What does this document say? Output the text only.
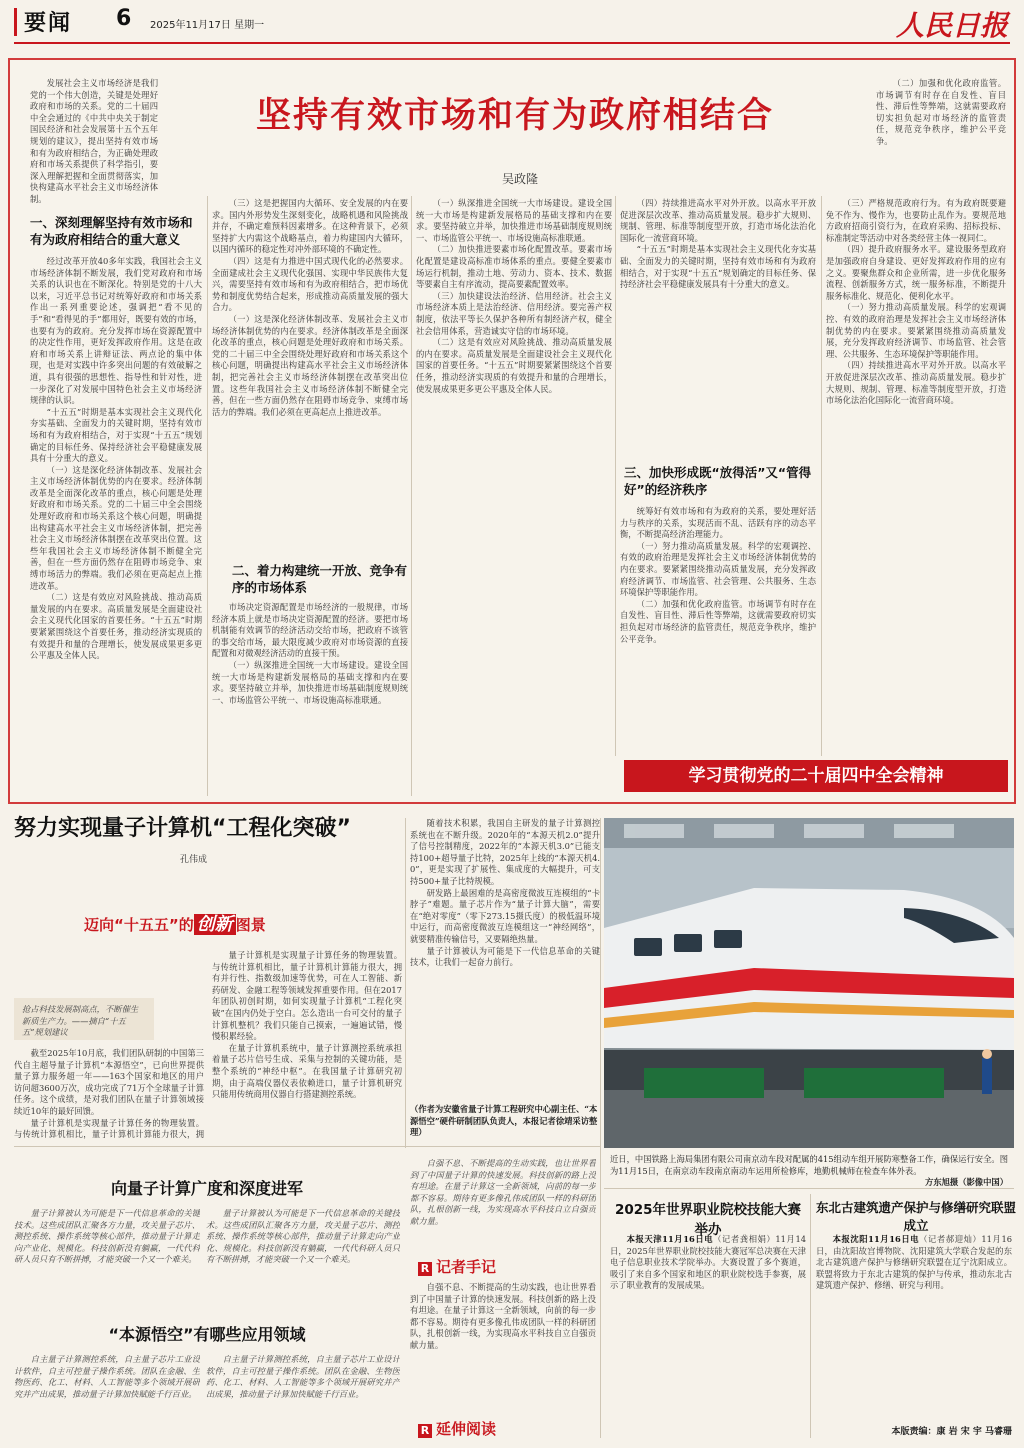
要闻 6 2025年11月17日 星期一	人民日报
坚持有效市场和有为政府相结合
吴政隆
发展社会主义市场经济是我们党的一个伟大创造，关键是处理好政府和市场的关系。党的二十届四中全会通过的《中共中央关于制定国民经济和社会发展第十五个五年规划的建议》，提出坚持有效市场和有为政府相结合，为正确处理政府和市场关系提供了科学指引，要深入理解把握和全面贯彻落实，加快构建高水平社会主义市场经济体制。
一、深刻理解坚持有效市场和有为政府相结合的重大意义

经过改革开放40多年实践，我国社会主义市场经济体制不断发展，我们党对政府和市场关系的认识也在不断深化。特别是党的十八大以来，习近平总书记对统筹好政府和市场关系作出一系列重要论述，强调把“看不见的手”和“看得见的手”都用好，既要有效的市场，也要有为的政府。充分发挥市场在资源配置中的决定性作用，更好发挥政府作用。这是在政府和市场关系上讲辩证法、两点论的集中体现，也是对实践中许多突出问题的有效破解之道，具有很强的思想性、指导性和针对性，进一步深化了对发展中国特色社会主义市场经济规律的认识。

“十五五”时期是基本实现社会主义现代化夯实基础、全面发力的关键时期，坚持有效市场和有为政府相结合，对于实现“十五五”规划确定的目标任务、保持经济社会平稳健康发展具有十分重大的意义。

（一）这是深化经济体制改革、发展社会主义市场经济体制优势的内在要求。经济体制改革是全面深化改革的重点，核心问题是处理好政府和市场关系。党的二十届三中全会围绕处理好政府和市场关系这个核心问题，明确提出构建高水平社会主义市场经济体制，把完善社会主义市场经济体制摆在改革突出位置。这些年我国社会主义市场经济体制不断健全完善，但在一些方面仍然存在阻碍市场竞争、束缚市场活力的弊端。我们必须在更高起点上推进改革。

（二）这是有效应对风险挑战、推动高质量发展的内在要求。高质量发展是全面建设社会主义现代化国家的首要任务。“十五五”时期要紧紧围绕这个首要任务，推动经济实现质的有效提升和量的合理增长，使发展成果更多更公平惠及全体人民。

（三）这是把握国内大循环、安全发展的内在要求。国内外形势发生深刻变化，战略机遇和风险挑战并存，不确定难预料因素增多。在这种背景下，必须坚持扩大内需这个战略基点，着力构建国内大循环，以国内循环的稳定性对冲外部环境的不确定性。

（四）这是有力推进中国式现代化的必然要求。全面建成社会主义现代化强国、实现中华民族伟大复兴，需要坚持有效市场和有为政府相结合，把市场优势和制度优势结合起来，形成推动高质量发展的强大合力。

（一）这是深化经济体制改革、发展社会主义市场经济体制优势的内在要求。经济体制改革是全面深化改革的重点，核心问题是处理好政府和市场关系。党的二十届三中全会围绕处理好政府和市场关系这个核心问题，明确提出构建高水平社会主义市场经济体制，把完善社会主义市场经济体制摆在改革突出位置。这些年我国社会主义市场经济体制不断健全完善，但在一些方面仍然存在阻碍市场竞争、束缚市场活力的弊端。我们必须在更高起点上推进改革。

二、着力构建统一开放、竞争有序的市场体系

市场决定资源配置是市场经济的一般规律，市场经济本质上就是市场决定资源配置的经济。要把市场机制能有效调节的经济活动交给市场，把政府不该管的事交给市场，最大限度减少政府对市场资源的直接配置和对微观经济活动的直接干预。

（一）纵深推进全国统一大市场建设。建设全国统一大市场是构建新发展格局的基础支撑和内在要求。要坚持破立并举，加快推进市场基础制度规则统一、市场监管公平统一、市场设施高标准联通。

（一）纵深推进全国统一大市场建设。建设全国统一大市场是构建新发展格局的基础支撑和内在要求。要坚持破立并举，加快推进市场基础制度规则统一、市场监管公平统一、市场设施高标准联通。

（二）加快推进要素市场化配置改革。要素市场化配置是建设高标准市场体系的重点。要健全要素市场运行机制，推动土地、劳动力、资本、技术、数据等要素自主有序流动，提高要素配置效率。

（三）加快建设法治经济、信用经济。社会主义市场经济本质上是法治经济、信用经济。要完善产权制度，依法平等长久保护各种所有制经济产权，健全社会信用体系，营造诚实守信的市场环境。

（二）这是有效应对风险挑战、推动高质量发展的内在要求。高质量发展是全面建设社会主义现代化国家的首要任务。“十五五”时期要紧紧围绕这个首要任务，推动经济实现质的有效提升和量的合理增长，使发展成果更多更公平惠及全体人民。

（四）持续推进高水平对外开放。以高水平开放促进深层次改革、推动高质量发展。稳步扩大规则、规制、管理、标准等制度型开放，打造市场化法治化国际化一流营商环境。

“十五五”时期是基本实现社会主义现代化夯实基础、全面发力的关键时期，坚持有效市场和有为政府相结合，对于实现“十五五”规划确定的目标任务、保持经济社会平稳健康发展具有十分重大的意义。

三、加快形成既“放得活”又“管得好”的经济秩序

统筹好有效市场和有为政府的关系，要处理好活力与秩序的关系，实现活而不乱、活跃有序的动态平衡，不断提高经济治理能力。

（一）努力推动高质量发展。科学的宏观调控、有效的政府治理是发挥社会主义市场经济体制优势的内在要求。要紧紧围绕推动高质量发展，充分发挥政府经济调节、市场监管、社会管理、公共服务、生态环境保护等职能作用。

（二）加强和优化政府监管。市场调节有时存在自发性、盲目性、滞后性等弊端，这就需要政府切实担负起对市场经济的监管责任，规范竞争秩序，维护公平竞争。

（二）加强和优化政府监管。市场调节有时存在自发性、盲目性、滞后性等弊端，这就需要政府切实担负起对市场经济的监管责任，规范竞争秩序，维护公平竞争。

（三）严格规范政府行为。有为政府既要避免不作为、慢作为，也要防止乱作为。要规范地方政府招商引资行为，在政府采购、招标投标、标准制定等活动中对各类经营主体一视同仁。

（四）提升政府服务水平。建设服务型政府是加强政府自身建设、更好发挥政府作用的应有之义。要聚焦群众和企业所需，进一步优化服务流程、创新服务方式，统一服务标准，不断提升服务标准化、规范化、便利化水平。

（一）努力推动高质量发展。科学的宏观调控、有效的政府治理是发挥社会主义市场经济体制优势的内在要求。要紧紧围绕推动高质量发展，充分发挥政府经济调节、市场监管、社会管理、公共服务、生态环境保护等职能作用。

（四）持续推进高水平对外开放。以高水平开放促进深层次改革、推动高质量发展。稳步扩大规则、规制、管理、标准等制度型开放，打造市场化法治化国际化一流营商环境。

学习贯彻党的二十届四中全会精神
努力实现量子计算机“工程化突破”
孔伟成
迈向“十五五”的 创新 图景
抢占科技发展制高点，不断催生新质生产力。——摘自“十五五”规划建议

截至2025年10月底，我们团队研制的中国第三代自主超导量子计算机“本源悟空”，已向世界提供量子算力服务超一年——163个国家和地区的用户访问超3600万次，成功完成了71万个全球量子计算任务。这个成绩，是对我们团队在量子计算领域接续近10年的最好回馈。

量子计算机是实现量子计算任务的物理装置。与传统计算机相比，量子计算机计算能力很大，拥

量子计算机是实现量子计算任务的物理装置。与传统计算机相比，量子计算机计算能力很大，拥有并行性、指数级加速等优势，可在人工智能、新药研发、金融工程等领域发挥重要作用。但在2017年团队初创时期，如何实现量子计算机“工程化突破”在国内仍处于空白。怎么造出一台可交付的量子计算机整机？我们只能自己摸索，一遍遍试错，慢慢积累经验。

在量子计算机系统中，量子计算测控系统承担着量子芯片信号生成、采集与控制的关键功能，是整个系统的“神经中枢”。在我国量子计算研究初期，由于高端仪器仪表依赖进口，量子计算机研究只能用传统商用仪器自行搭建测控系统。

随着技术积累，我国自主研发的量子计算测控系统也在不断升级。2020年的“本源天机2.0”提升了信号控制精度，2022年的“本源天机3.0”已能支持100+超导量子比特，2025年上线的“本源天机4.0”，更是实现了扩展性、集成度的大幅提升，可支持500+量子比特规模。

研发路上最困难的是高密度微波互连模组的“卡脖子”难题。量子芯片作为“量子计算大脑”，需要在“绝对零度”（零下273.15摄氏度）的极低温环境中运行，而高密度微波互连模组这一“神经网络”，就要精准传输信号，又要隔绝热量。

量子计算被认为可能是下一代信息革命的关键技术，让我们一起奋力前行。

（作者为安徽省量子计算工程研究中心副主任、“本源悟空”硬件研制团队负责人，本报记者徐靖采访整理）
近日，中国铁路上海局集团有限公司南京动车段对配属的415组动车组开展防寒整备工作，确保运行安全。图为11月15日，在南京动车段南京南动车运用所检修库，地勤机械师在检查车体外表。
方东旭摄（影像中国）
向量子计算广度和深度进军
量子计算被认为可能是下一代信息革命的关键技术。这些成团队汇聚各方力量，攻关量子芯片、测控系统、操作系统等核心部件，推动量子计算走向产业化、规模化。科技创新没有躺赢，一代代科研人员只有不断拼搏，才能突破一个又一个难关。
量子计算被认为可能是下一代信息革命的关键技术。这些成团队汇聚各方力量，攻关量子芯片、测控系统、操作系统等核心部件，推动量子计算走向产业化、规模化。科技创新没有躺赢，一代代科研人员只有不断拼搏，才能突破一个又一个难关。
“本源悟空”有哪些应用领域
自主量子计算测控系统，自主量子芯片工业设计软件，自主可控量子操作系统。团队在金融、生物医药、化工、材料、人工智能等多个领域开展研究并产出成果，推动量子计算加快赋能千行百业。
自主量子计算测控系统，自主量子芯片工业设计软件，自主可控量子操作系统。团队在金融、生物医药、化工、材料、人工智能等多个领域开展研究并产出成果，推动量子计算加快赋能千行百业。
自强不息、不断提高的生动实践，也让世界看到了中国量子计算的快速发展。科技创新的路上没有坦途。在量子计算这一全新领域，向前的每一步都不容易。期待有更多像孔伟成团队一样的科研团队，扎根创新一线，为实现高水平科技自立自强贡献力量。
R 记者手记
自强不息、不断提高的生动实践，也让世界看到了中国量子计算的快速发展。科技创新的路上没有坦途。在量子计算这一全新领域，向前的每一步都不容易。期待有更多像孔伟成团队一样的科研团队，扎根创新一线，为实现高水平科技自立自强贡献力量。
R 延伸阅读
2025年世界职业院校技能大赛举办
本报天津11月16日电（记者龚相娟）11月14日，2025年世界职业院校技能大赛冠军总决赛在天津电子信息职业技术学院举办。大赛设置了多个赛道，吸引了来自多个国家和地区的职业院校选手参赛，展示了职业教育的发展成果。
东北古建筑遗产保护与修缮研究联盟成立
本报沈阳11月16日电（记者郝迎灿）11月16日，由沈阳故宫博物院、沈阳建筑大学联合发起的东北古建筑遗产保护与修缮研究联盟在辽宁沈阳成立。联盟将致力于东北古建筑的保护与传承，推动东北古建筑遗产保护、修缮、研究与利用。
本版责编：康 岩 宋 宇 马睿珊
